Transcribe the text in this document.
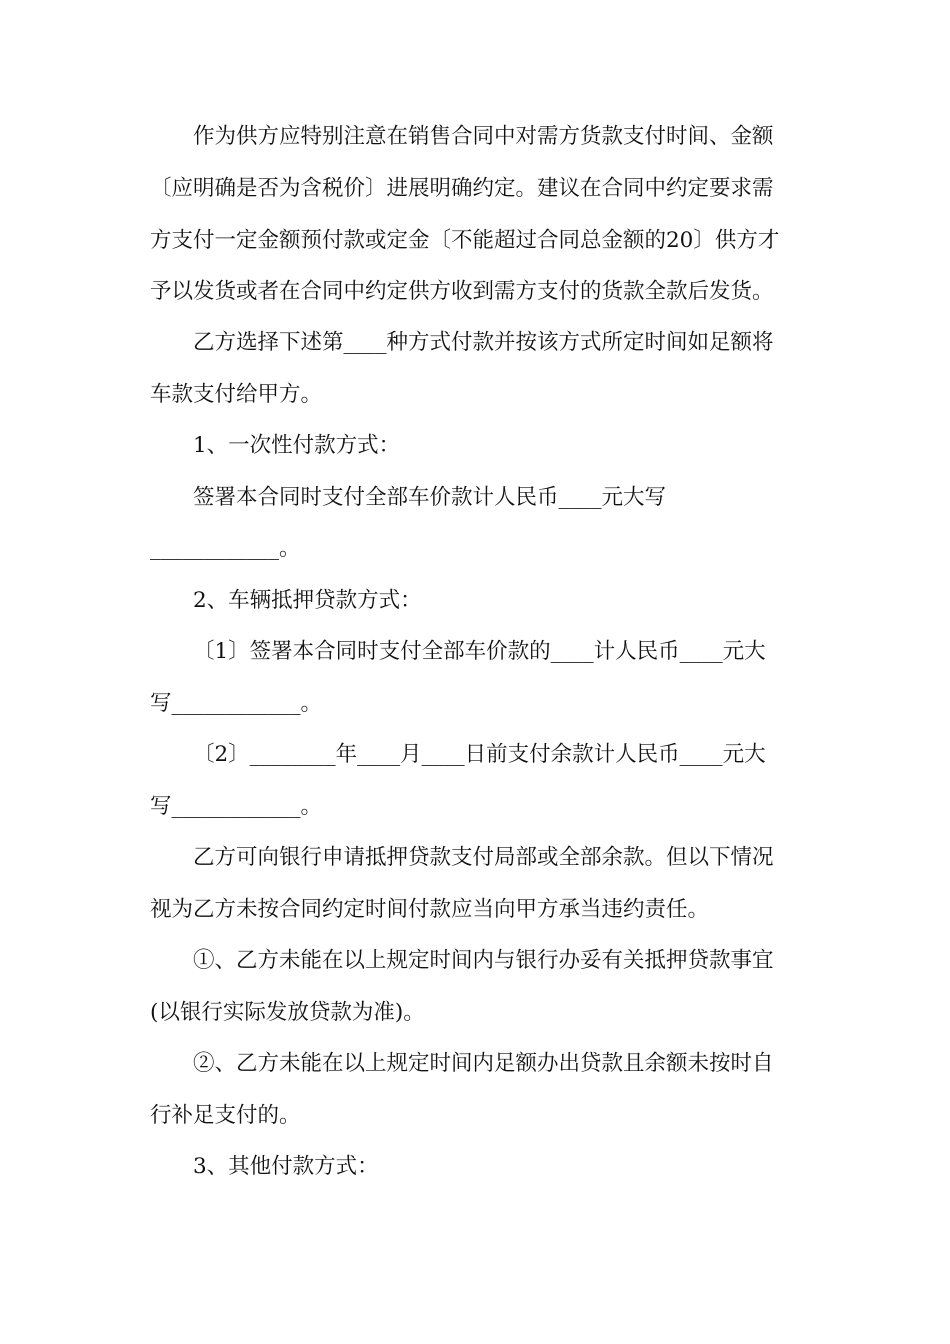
作为供方应特别注意在销售合同中对需方货款支付时间、金额

〔应明确是否为含税价〕进展明确约定。建议在合同中约定要求需

方支付一定金额预付款或定金〔不能超过合同总金额的20〕供方才

予以发货或者在合同中约定供方收到需方支付的货款全款后发货。

乙方选择下述第____种方式付款并按该方式所定时间如足额将

车款支付给甲方。

1、一次性付款方式：

签署本合同时支付全部车价款计人民币____元大写

____________。

2、车辆抵押贷款方式：

〔1〕签署本合同时支付全部车价款的____计人民币____元大

写____________。

〔2〕________年____月____日前支付余款计人民币____元大

写____________。

乙方可向银行申请抵押贷款支付局部或全部余款。但以下情况

视为乙方未按合同约定时间付款应当向甲方承当违约责任。

①、乙方未能在以上规定时间内与银行办妥有关抵押贷款事宜

(以银行实际发放贷款为准)。

②、乙方未能在以上规定时间内足额办出贷款且余额未按时自

行补足支付的。

3、其他付款方式：
